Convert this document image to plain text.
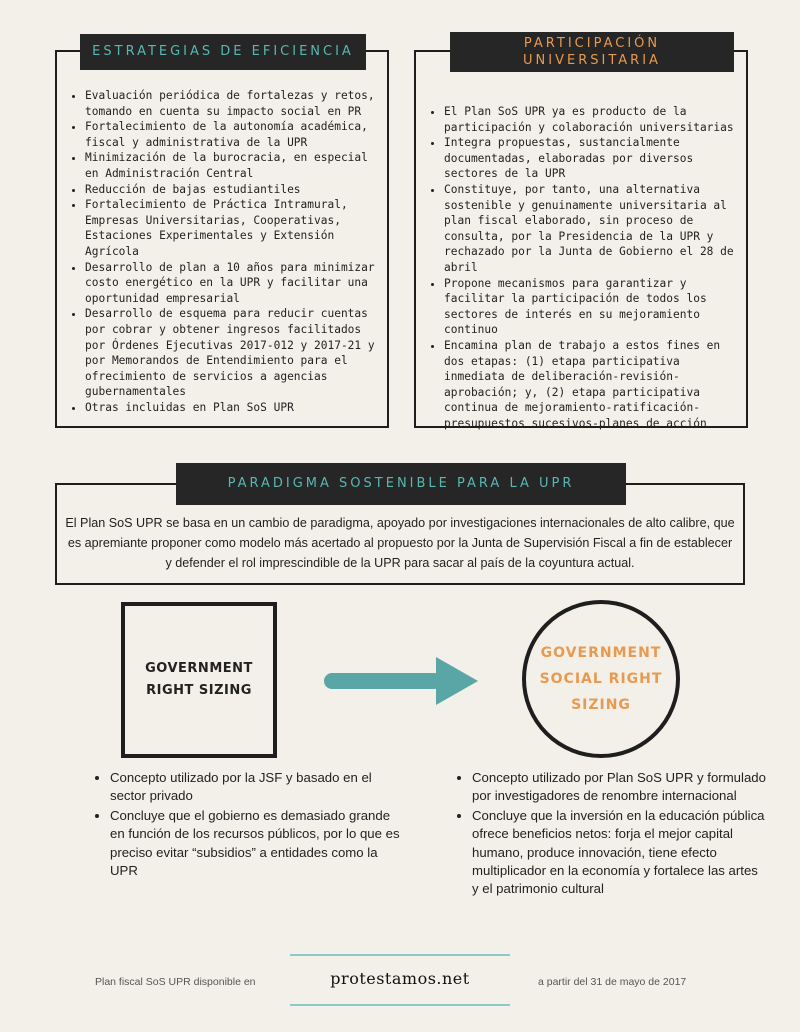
• Evaluación periódica de fortalezas y retos, tomando en cuenta su impacto social en PR
• Fortalecimiento de la autonomía académica, fiscal y administrativa de la UPR
• Minimización de la burocracia, en especial en Administración Central
• Reducción de bajas estudiantiles
• Fortalecimiento de Práctica Intramural, Empresas Universitarias, Cooperativas, Estaciones Experimentales y Extensión Agrícola
• Desarrollo de plan a 10 años para minimizar costo energético en la UPR y facilitar una oportunidad empresarial
• Desarrollo de esquema para reducir cuentas por cobrar y obtener ingresos facilitados por Órdenes Ejecutivas 2017-012 y 2017-21 y por Memorandos de Entendimiento para el ofrecimiento de servicios a agencias gubernamentales
• Otras incluidas en Plan SoS UPR
ESTRATEGIAS DE EFICIENCIA
• El Plan SoS UPR ya es producto de la participación y colaboración universitarias
• Integra propuestas, sustancialmente documentadas, elaboradas por diversos sectores de la UPR
• Constituye, por tanto, una alternativa sostenible y genuinamente universitaria al plan fiscal elaborado, sin proceso de consulta, por la Presidencia de la UPR y rechazado por la Junta de Gobierno el 28 de abril
• Propone mecanismos para garantizar y facilitar la participación de todos los sectores de interés en su mejoramiento continuo
• Encamina plan de trabajo a estos fines en dos etapas: (1) etapa participativa inmediata de deliberación-revisión-aprobación; y, (2) etapa participativa continua de mejoramiento-ratificación-presupuestos sucesivos-planes de acción
PARTICIPACIÓN
UNIVERSITARIA
El Plan SoS UPR se basa en un cambio de paradigma, apoyado por investigaciones internacionales de alto calibre, que es apremiante proponer como modelo más acertado al propuesto por la Junta de Supervisión Fiscal a fin de establecer y defender el rol imprescindible de la UPR para sacar al país de la coyuntura actual.
PARADIGMA SOSTENIBLE PARA LA UPR
GOVERNMENT
RIGHT SIZING
GOVERNMENT
SOCIAL RIGHT
SIZING
• Concepto utilizado por la JSF y basado en el sector privado
• Concluye que el gobierno es demasiado grande en función de los recursos públicos, por lo que es preciso evitar “subsidios” a entidades como la UPR
• Concepto utilizado por Plan SoS UPR y formulado por investigadores de renombre internacional
• Concluye que la inversión en la educación pública ofrece beneficios netos: forja el mejor capital humano, produce innovación, tiene efecto multiplicador en la economía y fortalece las artes y el patrimonio cultural
Plan fiscal SoS UPR disponible en	protestamos.net	a partir del 31 de mayo de 2017
